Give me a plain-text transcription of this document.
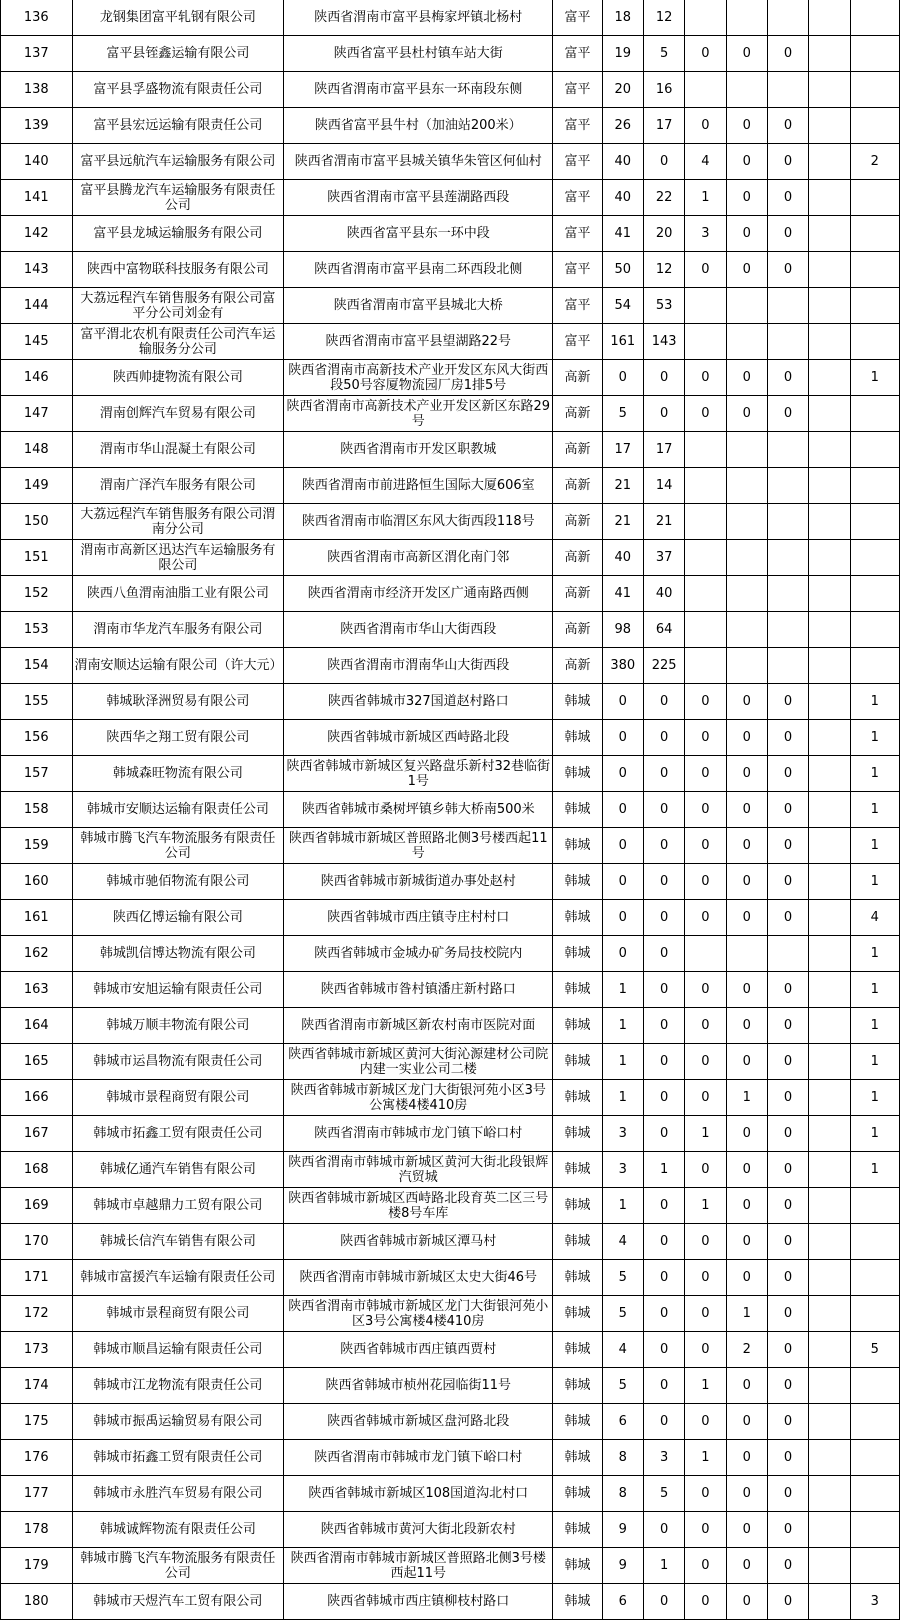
136	龙钢集团富平轧钢有限公司	陕西省渭南市富平县梅家坪镇北杨村	富平	18	12					
137	富平县铚鑫运输有限公司	陕西省富平县杜村镇车站大街	富平	19	5	0	0	0		
138	富平县孚盛物流有限责任公司	陕西省渭南市富平县东一环南段东侧	富平	20	16					
139	富平县宏远运输有限责任公司	陕西省富平县牛村（加油站200米）	富平	26	17	0	0	0		
140	富平县远航汽车运输服务有限公司	陕西省渭南市富平县城关镇华朱管区何仙村	富平	40	0	4	0	0		2
141	富平县腾龙汽车运输服务有限责任公司	陕西省渭南市富平县莲湖路西段	富平	40	22	1	0	0		
142	富平县龙城运输服务有限公司	陕西省富平县东一环中段	富平	41	20	3	0	0		
143	陕西中富物联科技服务有限公司	陕西省渭南市富平县南二环西段北侧	富平	50	12	0	0	0		
144	大荔远程汽车销售服务有限公司富平分公司刘金有	陕西省渭南市富平县城北大桥	富平	54	53					
145	富平渭北农机有限责任公司汽车运输服务分公司	陕西省渭南市富平县望湖路22号	富平	161	143					
146	陕西帅捷物流有限公司	陕西省渭南市高新技术产业开发区东风大街西段50号容厦物流园厂房1排5号	高新	0	0	0	0	0		1
147	渭南创辉汽车贸易有限公司	陕西省渭南市高新技术产业开发区新区东路29号	高新	5	0	0	0	0		
148	渭南市华山混凝土有限公司	陕西省渭南市开发区职教城	高新	17	17					
149	渭南广泽汽车服务有限公司	陕西省渭南市前进路恒生国际大厦606室	高新	21	14					
150	大荔远程汽车销售服务有限公司渭南分公司	陕西省渭南市临渭区东风大街西段118号	高新	21	21					
151	渭南市高新区迅达汽车运输服务有限公司	陕西省渭南市高新区渭化南门邻	高新	40	37					
152	陕西八鱼渭南油脂工业有限公司	陕西省渭南市经济开发区广通南路西侧	高新	41	40					
153	渭南市华龙汽车服务有限公司	陕西省渭南市华山大街西段	高新	98	64					
154	渭南安顺达运输有限公司（许大元）	陕西省渭南市渭南华山大街西段	高新	380	225					
155	韩城耿泽洲贸易有限公司	陕西省韩城市327国道赵村路口	韩城	0	0	0	0	0		1
156	陕西华之翔工贸有限公司	陕西省韩城市新城区西峙路北段	韩城	0	0	0	0	0		1
157	韩城森旺物流有限公司	陕西省韩城市新城区复兴路盘乐新村32巷临街1号	韩城	0	0	0	0	0		1
158	韩城市安顺达运输有限责任公司	陕西省韩城市桑树坪镇乡韩大桥南500米	韩城	0	0	0	0	0		1
159	韩城市腾飞汽车物流服务有限责任公司	陕西省韩城市新城区普照路北侧3号楼西起11号	韩城	0	0	0	0	0		1
160	韩城市驰佰物流有限公司	陕西省韩城市新城街道办事处赵村	韩城	0	0	0	0	0		1
161	陕西亿博运输有限公司	陕西省韩城市西庄镇寺庄村村口	韩城	0	0	0	0	0		4
162	韩城凯信博达物流有限公司	陕西省韩城市金城办矿务局技校院内	韩城	0	0					1
163	韩城市安旭运输有限责任公司	陕西省韩城市昝村镇潘庄新村路口	韩城	1	0	0	0	0		1
164	韩城万顺丰物流有限公司	陕西省渭南市新城区新农村南市医院对面	韩城	1	0	0	0	0		1
165	韩城市运昌物流有限责任公司	陕西省韩城市新城区黄河大街沁源建材公司院内建一实业公司二楼	韩城	1	0	0	0	0		1
166	韩城市景程商贸有限公司	陕西省韩城市新城区龙门大街银河苑小区3号公寓楼4楼410房	韩城	1	0	0	1	0		1
167	韩城市拓鑫工贸有限责任公司	陕西省渭南市韩城市龙门镇下峪口村	韩城	3	0	1	0	0		1
168	韩城亿通汽车销售有限公司	陕西省渭南市韩城市新城区黄河大街北段银辉汽贸城	韩城	3	1	0	0	0		1
169	韩城市卓越鼎力工贸有限公司	陕西省韩城市新城区西峙路北段育英二区三号楼8号车库	韩城	1	0	1	0	0		
170	韩城长信汽车销售有限公司	陕西省韩城市新城区潭马村	韩城	4	0	0	0	0		
171	韩城市富援汽车运输有限责任公司	陕西省渭南市韩城市新城区太史大街46号	韩城	5	0	0	0	0		
172	韩城市景程商贸有限公司	陕西省渭南市韩城市新城区龙门大街银河苑小区3号公寓楼4楼410房	韩城	5	0	0	1	0		
173	韩城市顺昌运输有限责任公司	陕西省韩城市西庄镇西贾村	韩城	4	0	0	2	0		5
174	韩城市江龙物流有限责任公司	陕西省韩城市桢州花园临街11号	韩城	5	0	1	0	0		
175	韩城市振禹运输贸易有限公司	陕西省韩城市新城区盘河路北段	韩城	6	0	0	0	0		
176	韩城市拓鑫工贸有限责任公司	陕西省渭南市韩城市龙门镇下峪口村	韩城	8	3	1	0	0		
177	韩城市永胜汽车贸易有限公司	陕西省韩城市新城区108国道沟北村口	韩城	8	5	0	0	0		
178	韩城诚辉物流有限责任公司	陕西省韩城市黄河大街北段新农村	韩城	9	0	0	0	0		
179	韩城市腾飞汽车物流服务有限责任公司	陕西省渭南市韩城市新城区普照路北侧3号楼西起11号	韩城	9	1	0	0	0		
180	韩城市天煜汽车工贸有限公司	陕西省韩城市西庄镇柳枝村路口	韩城	6	0	0	0	0		3
